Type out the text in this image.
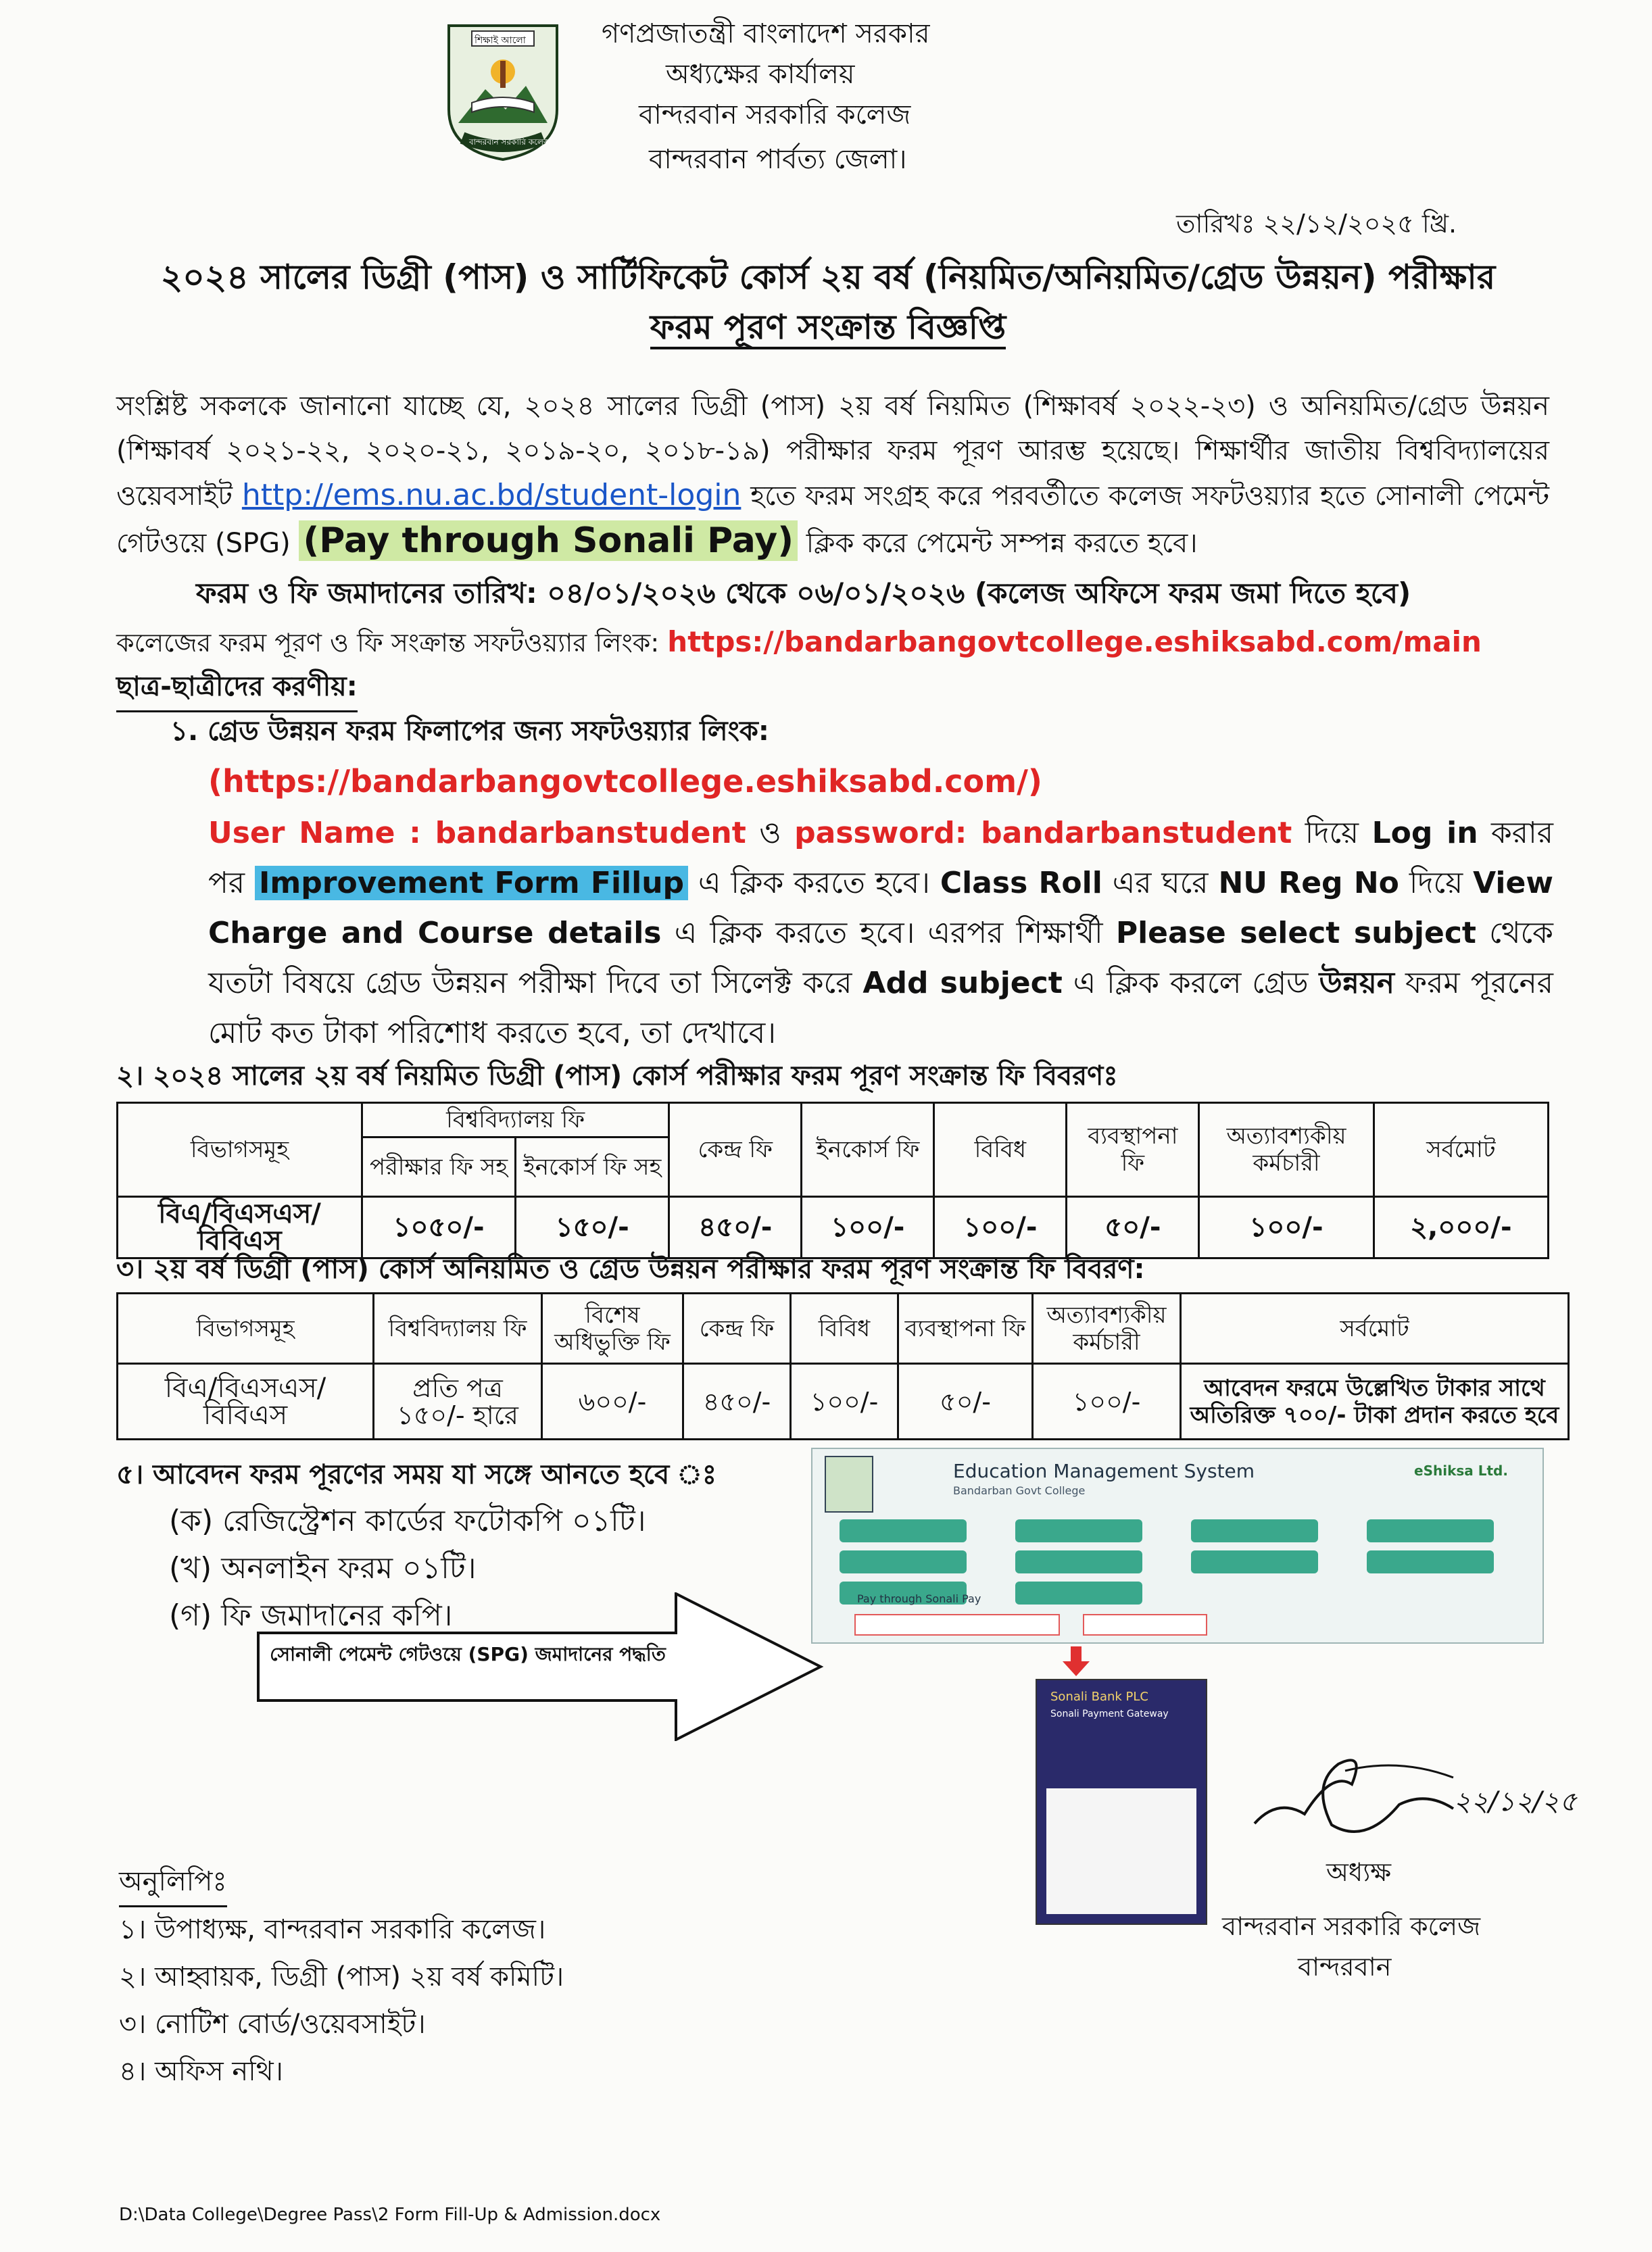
শিক্ষাই আলো
বান্দরবান সরকারি কলেজ
গণপ্রজাতন্ত্রী বাংলাদেশ সরকার
অধ্যক্ষের কার্যালয়
বান্দরবান সরকারি কলেজ
বান্দরবান পার্বত্য জেলা।
তারিখঃ ২২/১২/২০২৫ খ্রি.
২০২৪ সালের ডিগ্রী (পাস) ও সার্টিফিকেট কোর্স ২য় বর্ষ (নিয়মিত/অনিয়মিত/গ্রেড উন্নয়ন) পরীক্ষার
ফরম পূরণ সংক্রান্ত বিজ্ঞপ্তি
সংশ্লিষ্ট সকলকে জানানো যাচ্ছে যে, ২০২৪ সালের ডিগ্রী (পাস) ২য় বর্ষ নিয়মিত (শিক্ষাবর্ষ ২০২২-২৩) ও অনিয়মিত/গ্রেড উন্নয়ন (শিক্ষাবর্ষ ২০২১-২২, ২০২০-২১, ২০১৯-২০, ২০১৮-১৯) পরীক্ষার ফরম পূরণ আরম্ভ হয়েছে। শিক্ষার্থীর জাতীয় বিশ্ববিদ্যালয়ের ওয়েবসাইট http://ems.nu.ac.bd/student-login হতে ফরম সংগ্রহ করে পরবর্তীতে কলেজ সফটওয়্যার হতে সোনালী পেমেন্ট গেটওয়ে (SPG) (Pay through Sonali Pay) ক্লিক করে পেমেন্ট সম্পন্ন করতে হবে।
ফরম ও ফি জমাদানের তারিখ: ০৪/০১/২০২৬ থেকে ০৬/০১/২০২৬ (কলেজ অফিসে ফরম জমা দিতে হবে)
কলেজের ফরম পূরণ ও ফি সংক্রান্ত সফটওয়্যার লিংক: https://bandarbangovtcollege.eshiksabd.com/main
ছাত্র-ছাত্রীদের করণীয়:
১. গ্রেড উন্নয়ন ফরম ফিলাপের জন্য সফটওয়্যার লিংক:
(https://bandarbangovtcollege.eshiksabd.com/)
User Name : bandarbanstudent ও password: bandarbanstudent দিয়ে Log in করার পর Improvement Form Fillup এ ক্লিক করতে হবে। Class Roll এর ঘরে NU Reg No দিয়ে View Charge and Course details এ ক্লিক করতে হবে। এরপর শিক্ষার্থী Please select subject থেকে যতটা বিষয়ে গ্রেড উন্নয়ন পরীক্ষা দিবে তা সিলেক্ট করে Add subject এ ক্লিক করলে গ্রেড উন্নয়ন ফরম পূরনের মোট কত টাকা পরিশোধ করতে হবে, তা দেখাবে।
২। ২০২৪ সালের ২য় বর্ষ নিয়মিত ডিগ্রী (পাস) কোর্স পরীক্ষার ফরম পূরণ সংক্রান্ত ফি বিবরণঃ
বিভাগসমূহ	বিশ্ববিদ্যালয় ফি		কেন্দ্র ফি	ইনকোর্স ফি	বিবিধ	ব্যবস্থাপনা ফি	অত্যাবশ্যকীয় কর্মচারী	সর্বমোট
	পরীক্ষার ফি সহ	ইনকোর্স ফি সহ						
বিএ/বিএসএস/বিবিএস	১০৫০/-	১৫০/-	৪৫০/-	১০০/-	১০০/-	৫০/-	১০০/-	২,০০০/-
৩। ২য় বর্ষ ডিগ্রী (পাস) কোর্স অনিয়মিত ও গ্রেড উন্নয়ন পরীক্ষার ফরম পূরণ সংক্রান্ত ফি বিবরণ:
বিভাগসমূহ	বিশ্ববিদ্যালয় ফি	বিশেষ অধিভুক্তি ফি	কেন্দ্র ফি	বিবিধ	ব্যবস্থাপনা ফি	অত্যাবশ্যকীয় কর্মচারী	সর্বমোট
বিএ/বিএসএস/বিবিএস	প্রতি পত্র ১৫০/- হারে	৬০০/-	৪৫০/-	১০০/-	৫০/-	১০০/-	আবেদন ফরমে উল্লেখিত টাকার সাথে
অতিরিক্ত ৭০০/- টাকা প্রদান করতে হবে
৫। আবেদন ফরম পূরণের সময় যা সঙ্গে আনতে হবে ঃ
(ক) রেজিস্ট্রেশন কার্ডের ফটোকপি ০১টি।
(খ) অনলাইন ফরম ০১টি।
(গ) ফি জমাদানের কপি।
সোনালী পেমেন্ট গেটওয়ে (SPG) জমাদানের পদ্ধতি
Education Management System
Bandarban Govt College
eShiksa Ltd.
Pay through Sonali Pay
Sonali Bank PLC
Sonali Payment Gateway
২২/১২/২৫
অধ্যক্ষ
বান্দরবান সরকারি কলেজ
বান্দরবান
অনুলিপিঃ
১। উপাধ্যক্ষ, বান্দরবান সরকারি কলেজ।
২। আহ্বায়ক, ডিগ্রী (পাস) ২য় বর্ষ কমিটি।
৩। নোটিশ বোর্ড/ওয়েবসাইট।
৪। অফিস নথি।
D:\Data College\Degree Pass\2 Form Fill-Up & Admission.docx
